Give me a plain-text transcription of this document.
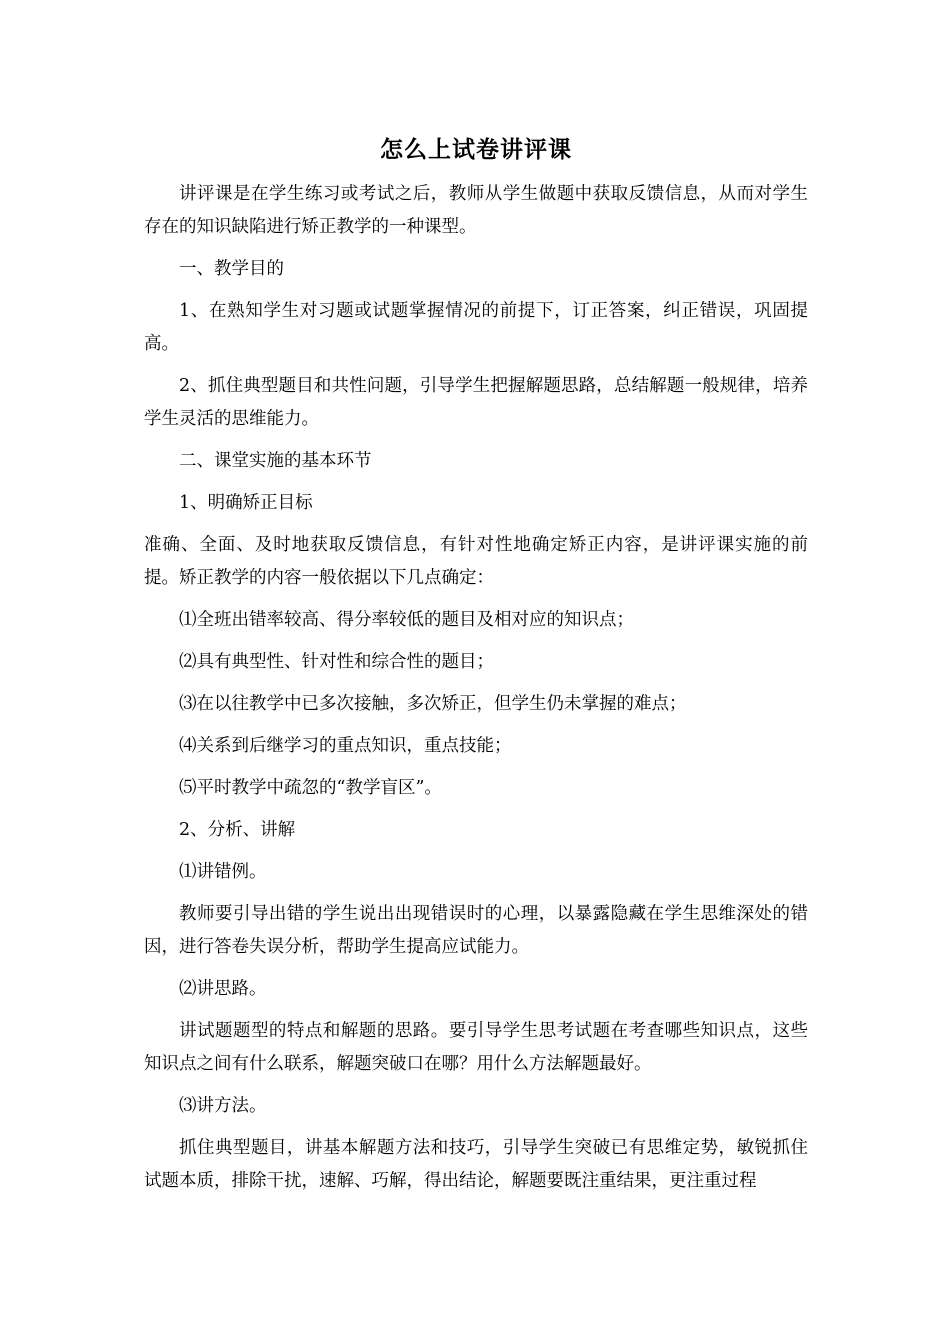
怎么上试卷讲评课

讲评课是在学生练习或考试之后，教师从学生做题中获取反馈信息，从而对学生存在的知识缺陷进行矫正教学的一种课型。

一、教学目的

1、在熟知学生对习题或试题掌握情况的前提下，订正答案，纠正错误，巩固提高。

2、抓住典型题目和共性问题，引导学生把握解题思路，总结解题一般规律，培养学生灵活的思维能力。

二、课堂实施的基本环节

1、明确矫正目标

准确、全面、及时地获取反馈信息，有针对性地确定矫正内容，是讲评课实施的前提。矫正教学的内容一般依据以下几点确定：

⑴全班出错率较高、得分率较低的题目及相对应的知识点；

⑵具有典型性、针对性和综合性的题目；

⑶在以往教学中已多次接触，多次矫正，但学生仍未掌握的难点；

⑷关系到后继学习的重点知识，重点技能；

⑸平时教学中疏忽的“教学盲区”。

2、分析、讲解

⑴讲错例。

教师要引导出错的学生说出出现错误时的心理，以暴露隐藏在学生思维深处的错因，进行答卷失误分析，帮助学生提高应试能力。

⑵讲思路。

讲试题题型的特点和解题的思路。要引导学生思考试题在考查哪些知识点，这些知识点之间有什么联系，解题突破口在哪？用什么方法解题最好。

⑶讲方法。

抓住典型题目，讲基本解题方法和技巧，引导学生突破已有思维定势，敏锐抓住试题本质，排除干扰，速解、巧解，得出结论，解题要既注重结果，更注重过程
